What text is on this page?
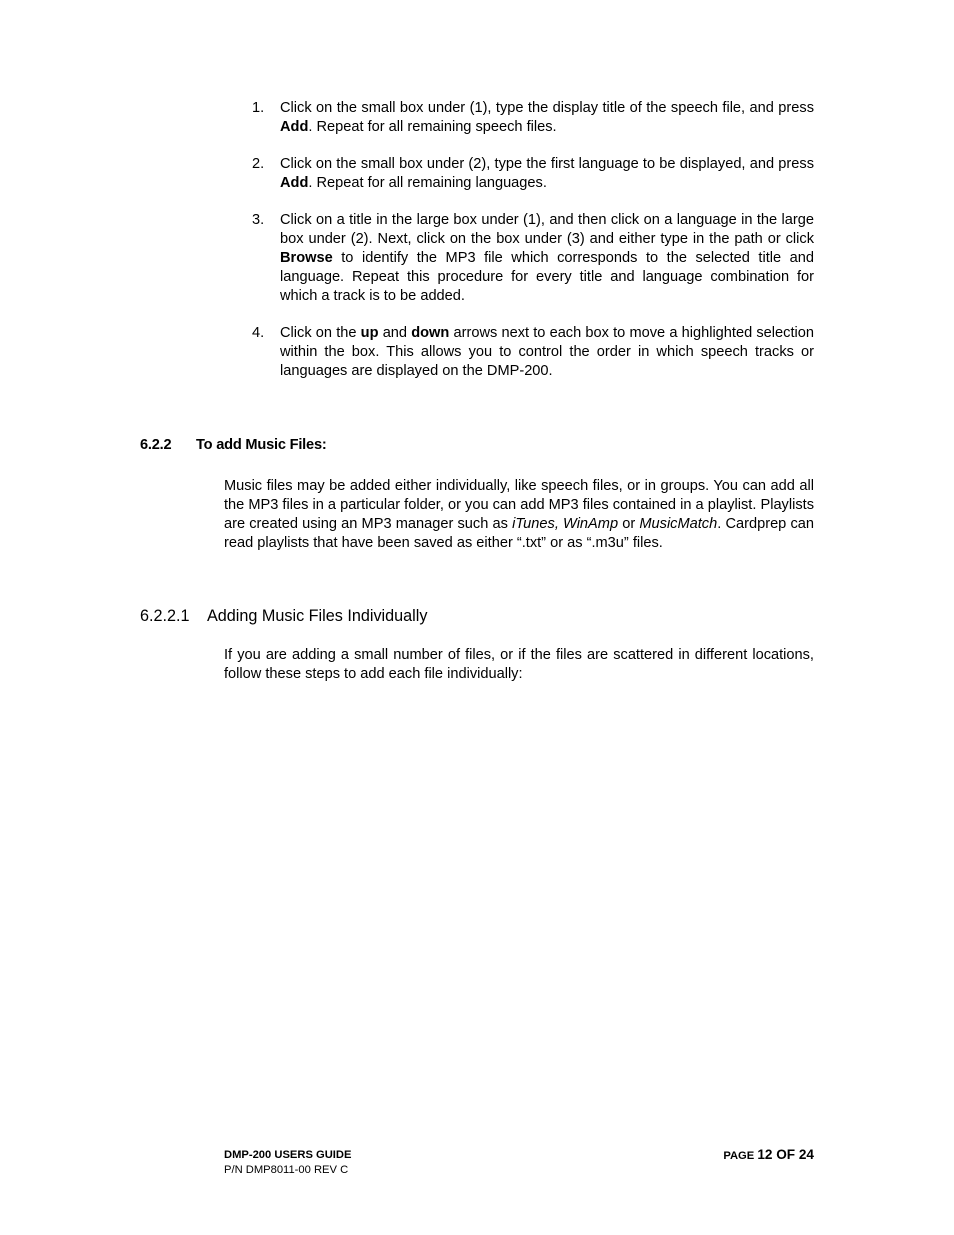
1. Click on the small box under (1), type the display title of the speech file, and press Add. Repeat for all remaining speech files.
2. Click on the small box under (2), type the first language to be displayed, and press Add. Repeat for all remaining languages.
3. Click on a title in the large box under (1), and then click on a language in the large box under (2). Next, click on the box under (3) and either type in the path or click Browse to identify the MP3 file which corresponds to the selected title and language. Repeat this procedure for every title and language combination for which a track is to be added.
4. Click on the up and down arrows next to each box to move a highlighted selection within the box. This allows you to control the order in which speech tracks or languages are displayed on the DMP-200.
6.2.2 To add Music Files:

Music files may be added either individually, like speech files, or in groups. You can add all the MP3 files in a particular folder, or you can add MP3 files contained in a playlist. Playlists are created using an MP3 manager such as iTunes, WinAmp or MusicMatch. Cardprep can read playlists that have been saved as either “.txt” or as “.m3u” files.

6.2.2.1 Adding Music Files Individually

If you are adding a small number of files, or if the files are scattered in different locations, follow these steps to add each file individually:

DMP-200 USERS GUIDE
P/N DMP8011-00 REV C
PAGE 12 OF 24
